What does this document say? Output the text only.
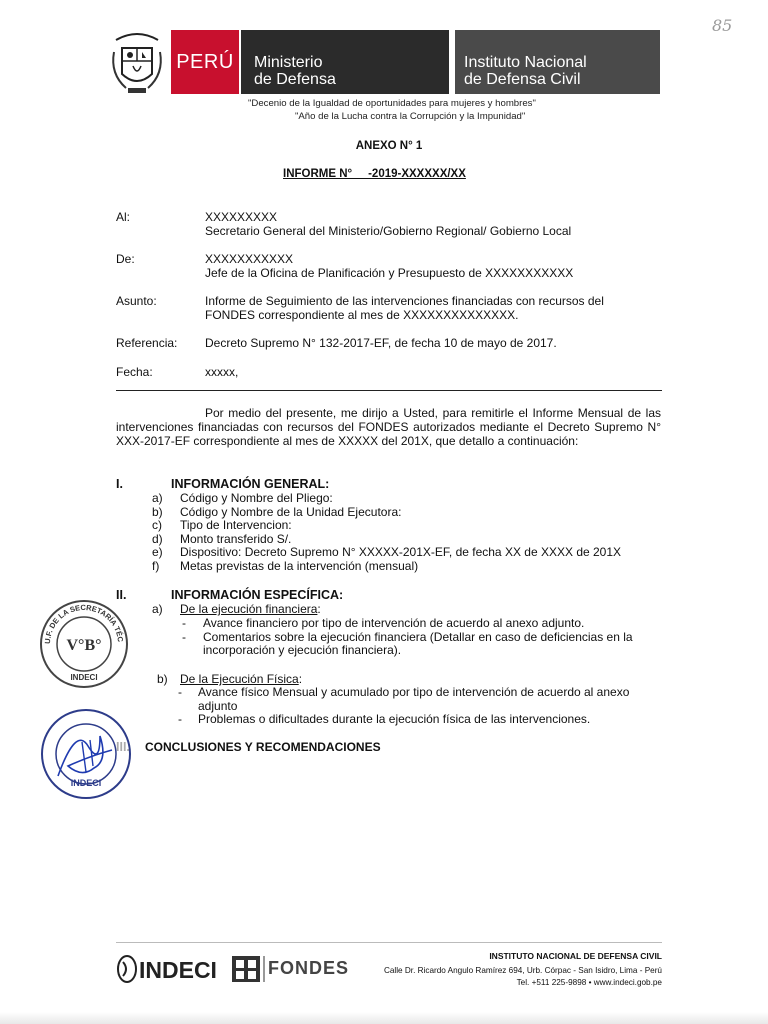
PERÚ Ministerio
de Defensa
Instituto Nacional
de Defensa Civil
85
"Decenio de la Igualdad de oportunidades para mujeres y hombres"
"Año de la Lucha contra la Corrupción y la Impunidad"
ANEXO N° 1
INFORME N°     -2019-XXXXXX/XX
Al:	XXXXXXXXX
Secretario General del Ministerio/Gobierno Regional/ Gobierno Local
De:	XXXXXXXXXXX
Jefe de la Oficina de Planificación y Presupuesto de XXXXXXXXXXX
Asunto:	Informe de Seguimiento de las intervenciones financiadas con recursos del
FONDES correspondiente al mes de XXXXXXXXXXXXXX.
Referencia: Decreto Supremo N° 132-2017-EF, de fecha 10 de mayo de 2017.
Fecha:	xxxxx,
Por medio del presente, me dirijo a Usted, para remitirle el Informe Mensual de las intervenciones financiadas con recursos del FONDES autorizados mediante el Decreto Supremo N° XXX-2017-EF correspondiente al mes de XXXXX del 201X, que detallo a continuación:
I.	INFORMACIÓN GENERAL:
a)	Código y Nombre del Pliego:
b)	Código y Nombre de la Unidad Ejecutora:
c)	Tipo de Intervencion:
d)	Monto transferido S/.
e)	Dispositivo: Decreto Supremo N° XXXXX-201X-EF, de fecha XX de XXXX de 201X
f)	Metas previstas de la intervención (mensual)
II.	INFORMACIÓN ESPECÍFICA:
a) De la ejecución financiera:
-	Avance financiero por tipo de intervención de acuerdo al anexo adjunto.
-	Comentarios sobre la ejecución financiera (Detallar en caso de deficiencias en la
incorporación y ejecución financiera).
b) De la Ejecución Física:
-	Avance físico Mensual y acumulado por tipo de intervención de acuerdo al anexo
adjunto
-	Problemas o dificultades durante la ejecución física de las intervenciones.
III. CONCLUSIONES Y RECOMENDACIONES
U.F. DE LA SECRETARÍA TÉC
INDECI
V°B°
INDECI
INDECI	FONDES
INSTITUTO NACIONAL DE DEFENSA CIVIL
Calle Dr. Ricardo Angulo Ramírez 694, Urb. Córpac - San Isidro, Lima - Perú
Tel. +511 225-9898 • www.indeci.gob.pe
